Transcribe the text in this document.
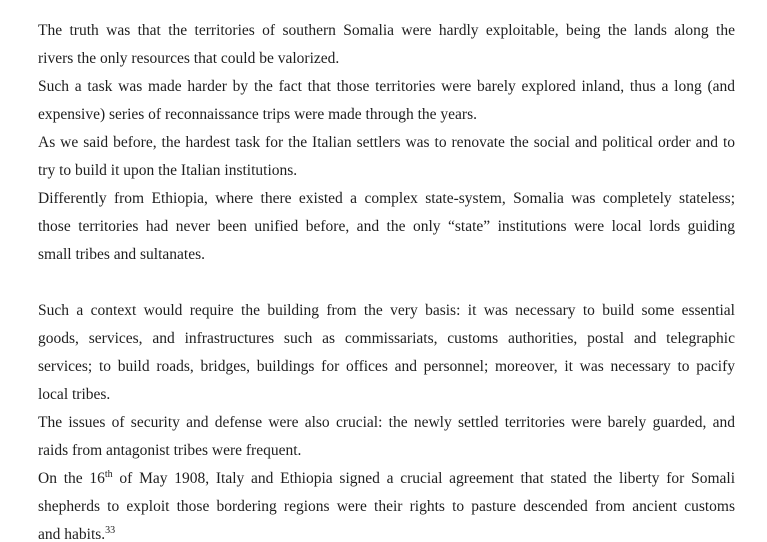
The truth was that the territories of southern Somalia were hardly exploitable, being the lands along the
rivers the only resources that could be valorized.
Such a task was made harder by the fact that those territories were barely explored inland, thus a long (and
expensive) series of reconnaissance trips were made through the years.
As we said before, the hardest task for the Italian settlers was to renovate the social and political order and to
try to build it upon the Italian institutions.
Differently from Ethiopia, where there existed a complex state-system, Somalia was completely stateless;
those territories had never been unified before, and the only “state” institutions were local lords guiding
small tribes and sultanates.
Such a context would require the building from the very basis: it was necessary to build some essential
goods, services, and infrastructures such as commissariats, customs authorities, postal and telegraphic
services; to build roads, bridges, buildings for offices and personnel; moreover, it was necessary to pacify
local tribes.
The issues of security and defense were also crucial: the newly settled territories were barely guarded, and
raids from antagonist tribes were frequent.
On the 16th of May 1908, Italy and Ethiopia signed a crucial agreement that stated the liberty for Somali
shepherds to exploit those bordering regions were their rights to pasture descended from ancient customs
and habits.$^{33}$
